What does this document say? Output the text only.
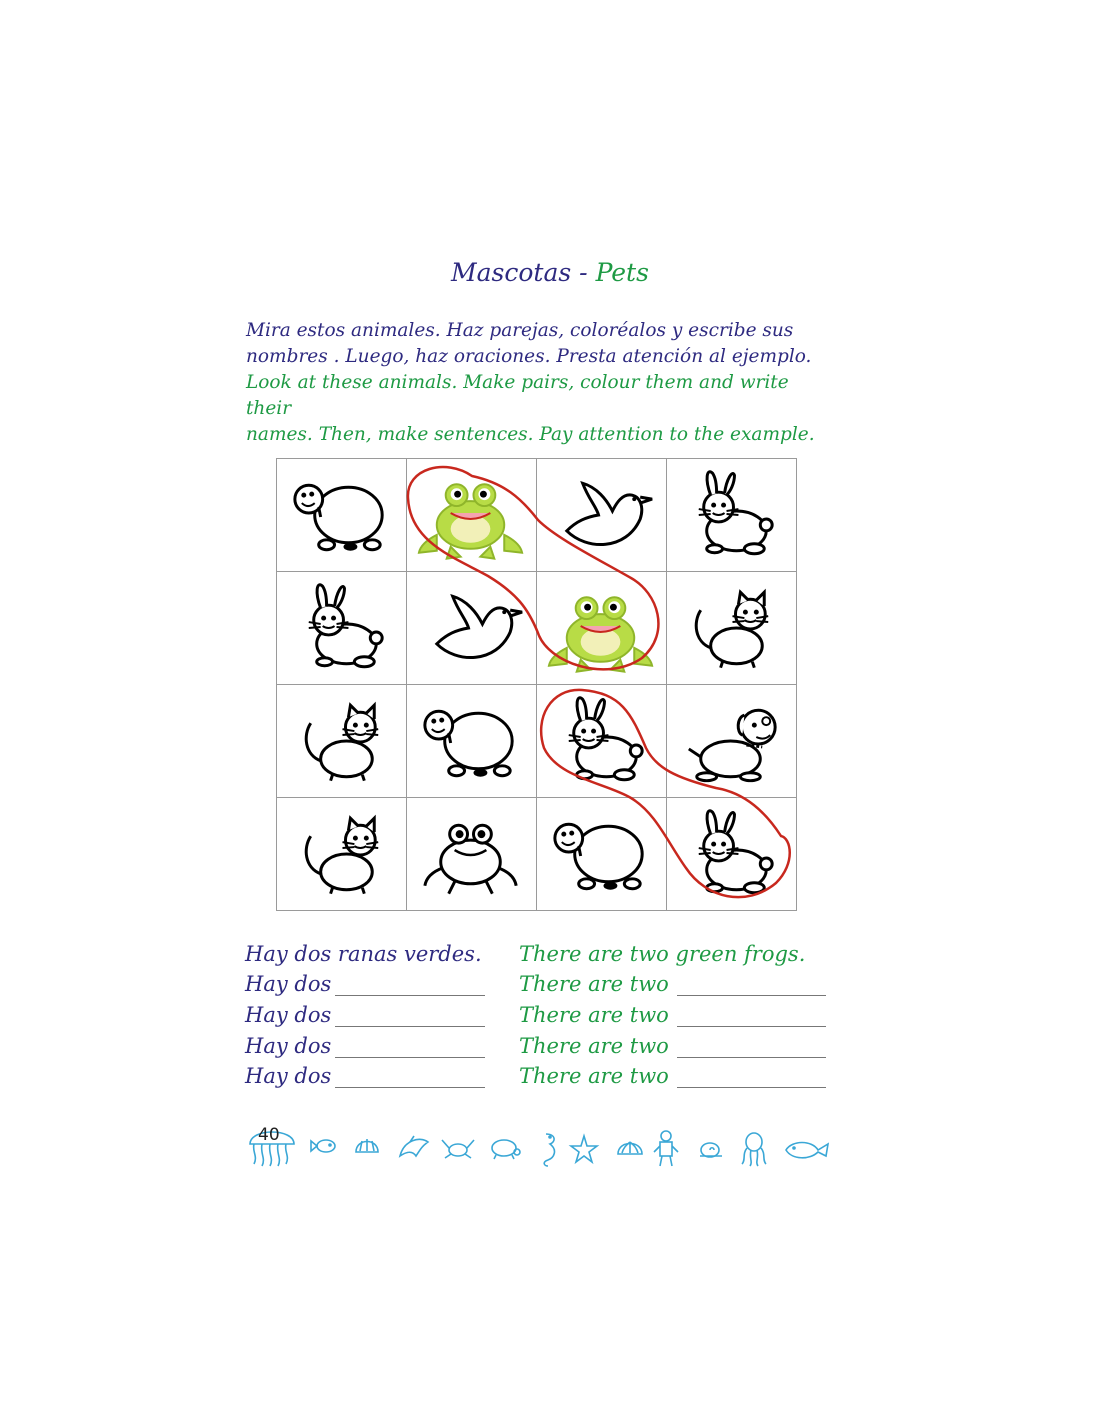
Mascotas - Pets

Mira estos animales. Haz parejas, coloréalos y escribe sus

nombres . Luego, haz oraciones. Presta atención al ejemplo.

Look at these animals. Make pairs, colour them and write their

names. Then, make sentences. Pay attention to the example.

Hay dos ranas verdes. There are two green frogs.
Hay dos	There are two
Hay dos	There are two
Hay dos	There are two
Hay dos	There are two
40
